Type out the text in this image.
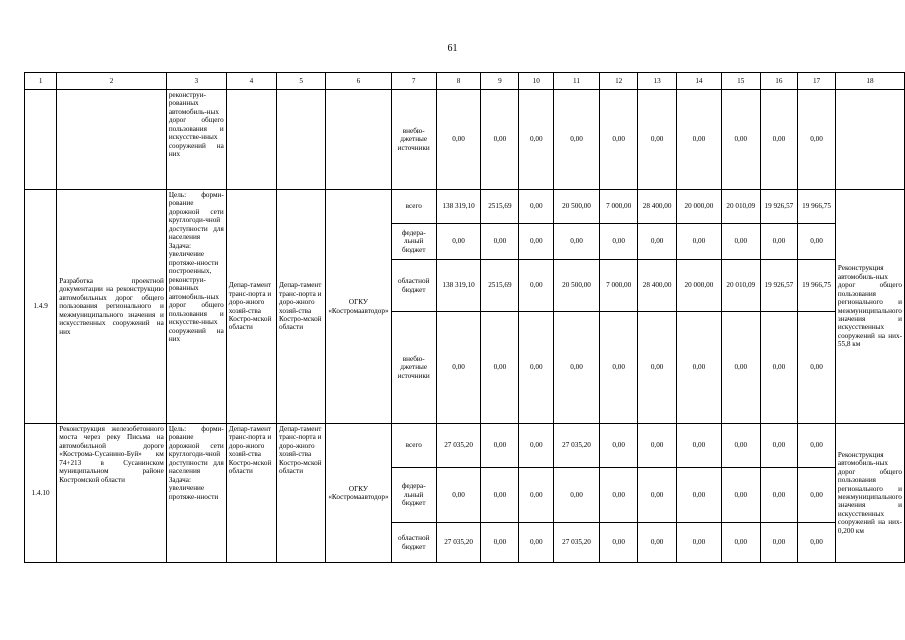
61
1	2	3	4	5	6	7	8	9	10	11	12	13	14	15	16	17	18
		реконструи-рованных автомобиль-ных дорог общего пользования и искусстве-нных сооружений на них				внебю-джетные источники	0,00	0,00	0,00	0,00	0,00	0,00	0,00	0,00	0,00	0,00	
1.4.9	Разработка проектной документации на реконструкцию автомобильных дорог общего пользования регионального и межмуниципального значения и искусственных сооружений на них	Цель: форми-рование дорожной сети круглогоди-чной доступности для населения Задача: увеличение протяже-нности построенных, реконструи-рованных автомобиль-ных дорог общего пользования и искусстве-нных сооружений на них	Депар-тамент транс-порта и доро-жного хозяй-ства Костро-мской области	Депар-тамент транс-порта и доро-жного хозяй-ства Костро-мской области	ОГКУ «Костромаавтодор»	всего	138 319,10	2515,69	0,00	20 500,00	7 000,00	28 400,00	20 000,00	20 010,09	19 926,57	19 966,75	Реконструкция автомобиль-ных дорог общего пользования регионального и межмуниципального значения и искусственных сооружений на них- 55,8 км
						федера-льный бюджет	0,00	0,00	0,00	0,00	0,00	0,00	0,00	0,00	0,00	0,00	
						областной бюджет	138 319,10	2515,69	0,00	20 500,00	7 000,00	28 400,00	20 000,00	20 010,09	19 926,57	19 966,75	
						внебю-джетные источники	0,00	0,00	0,00	0,00	0,00	0,00	0,00	0,00	0,00	0,00	
1.4.10	Реконструкция железобетонного моста через реку Письма на автомобильной дороге «Кострома-Сусанино-Буй» км 74+213 в Сусанинском муниципальном районе Костромской области	Цель: форми-рование дорожной сети круглогоди-чной доступности для населения Задача: увеличение протяже-нности	Депар-тамент транс-порта и доро-жного хозяй-ства Костро-мской области	Депар-тамент транс-порта и доро-жного хозяй-ства Костро-мской области	ОГКУ «Костромаавтодор»	всего	27 035,20	0,00	0,00	27 035,20	0,00	0,00	0,00	0,00	0,00	0,00	Реконструкция автомобиль-ных дорог общего пользования регионального и межмуниципального значения и искусственных сооружений на них- 0,200 км
						федера-льный бюджет	0,00	0,00	0,00	0,00	0,00	0,00	0,00	0,00	0,00	0,00	
						областной бюджет	27 035,20	0,00	0,00	27 035,20	0,00	0,00	0,00	0,00	0,00	0,00	
